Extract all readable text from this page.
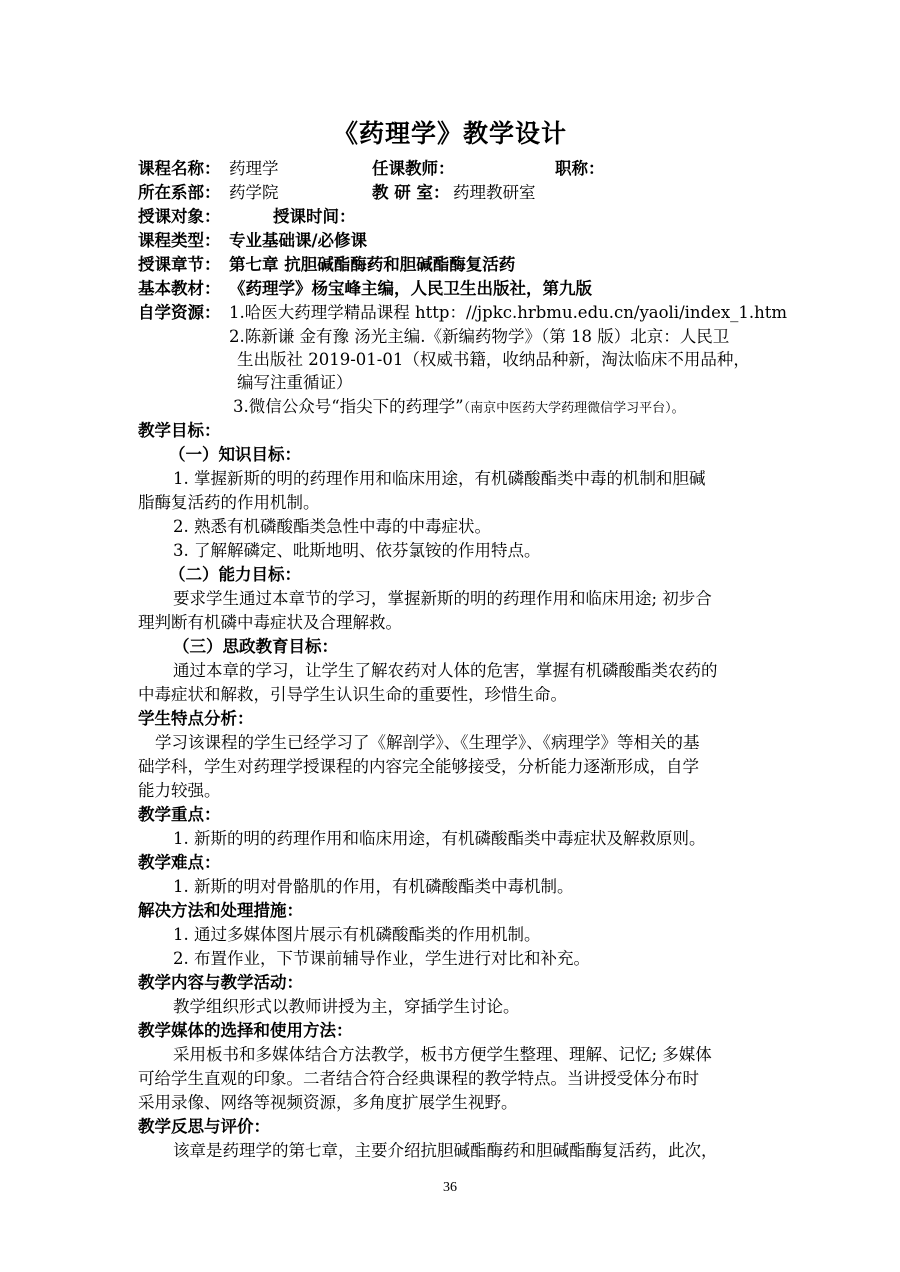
《药理学》教学设计
课程名称： 药理学	任课教师：	职称：
所在系部： 药学院	教 研 室： 药理教研室
授课对象：	授课时间：
课程类型： 专业基础课/必修课
授课章节： 第七章 抗胆碱酯酶药和胆碱酯酶复活药
基本教材： 《药理学》杨宝峰主编，人民卫生出版社，第九版
自学资源： 1.哈医大药理学精品课程 http：//jpkc.hrbmu.edu.cn/yaoli/index_1.htm
2.陈新谦 金有豫 汤光主编.《新编药物学》（第 18 版）北京：人民卫
生出版社 2019-01-01（权威书籍，收纳品种新，淘汰临床不用品种，
编写注重循证）
3.微信公众号“指尖下的药理学”（南京中医药大学药理微信学习平台）。
教学目标：
（一）知识目标：
1. 掌握新斯的明的药理作用和临床用途，有机磷酸酯类中毒的机制和胆碱
脂酶复活药的作用机制。
2. 熟悉有机磷酸酯类急性中毒的中毒症状。
3. 了解解磷定、吡斯地明、依芬氯铵的作用特点。
（二）能力目标：
要求学生通过本章节的学习，掌握新斯的明的药理作用和临床用途; 初步合
理判断有机磷中毒症状及合理解救。
（三）思政教育目标：
通过本章的学习，让学生了解农药对人体的危害，掌握有机磷酸酯类农药的
中毒症状和解救，引导学生认识生命的重要性，珍惜生命。
学生特点分析：
学习该课程的学生已经学习了《解剖学》、《生理学》、《病理学》等相关的基
础学科，学生对药理学授课程的内容完全能够接受，分析能力逐渐形成，自学
能力较强。
教学重点：
1. 新斯的明的药理作用和临床用途，有机磷酸酯类中毒症状及解救原则。
教学难点：
1. 新斯的明对骨骼肌的作用，有机磷酸酯类中毒机制。
解决方法和处理措施：
1. 通过多媒体图片展示有机磷酸酯类的作用机制。
2. 布置作业，下节课前辅导作业，学生进行对比和补充。
教学内容与教学活动：
教学组织形式以教师讲授为主，穿插学生讨论。
教学媒体的选择和使用方法：
采用板书和多媒体结合方法教学，板书方便学生整理、理解、记忆; 多媒体
可给学生直观的印象。二者结合符合经典课程的教学特点。当讲授受体分布时
采用录像、网络等视频资源，多角度扩展学生视野。
教学反思与评价：
该章是药理学的第七章，主要介绍抗胆碱酯酶药和胆碱酯酶复活药，此次，
36
